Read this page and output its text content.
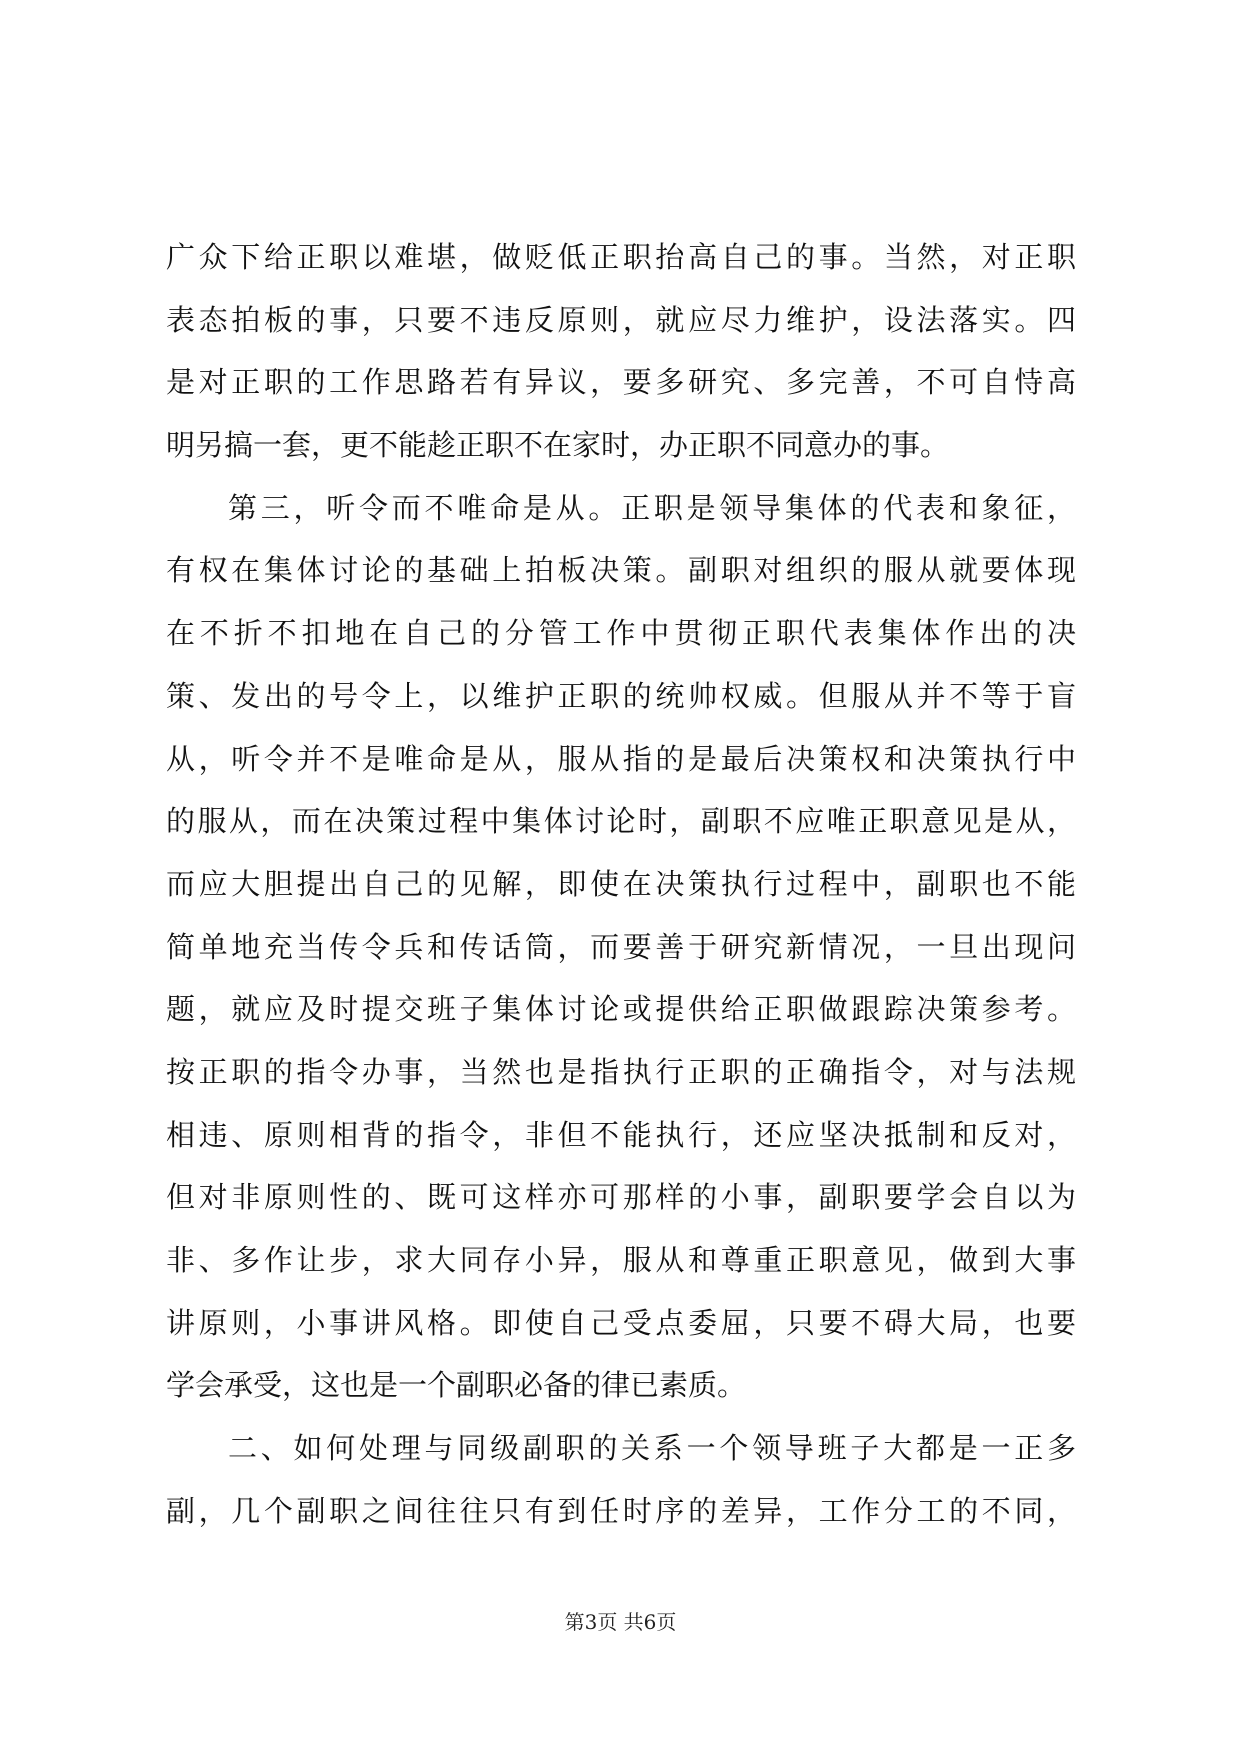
广众下给正职以难堪，做贬低正职抬高自己的事。当然，对正职
表态拍板的事，只要不违反原则，就应尽力维护，设法落实。四
是对正职的工作思路若有异议，要多研究、多完善，不可自恃高
明另搞一套，更不能趁正职不在家时，办正职不同意办的事。
第三，听令而不唯命是从。正职是领导集体的代表和象征，
有权在集体讨论的基础上拍板决策。副职对组织的服从就要体现
在不折不扣地在自己的分管工作中贯彻正职代表集体作出的决
策、发出的号令上，以维护正职的统帅权威。但服从并不等于盲
从，听令并不是唯命是从，服从指的是最后决策权和决策执行中
的服从，而在决策过程中集体讨论时，副职不应唯正职意见是从，
而应大胆提出自己的见解，即使在决策执行过程中，副职也不能
简单地充当传令兵和传话筒，而要善于研究新情况，一旦出现问
题，就应及时提交班子集体讨论或提供给正职做跟踪决策参考。
按正职的指令办事，当然也是指执行正职的正确指令，对与法规
相违、原则相背的指令，非但不能执行，还应坚决抵制和反对，
但对非原则性的、既可这样亦可那样的小事，副职要学会自以为
非、多作让步，求大同存小异，服从和尊重正职意见，做到大事
讲原则，小事讲风格。即使自己受点委屈，只要不碍大局，也要
学会承受，这也是一个副职必备的律已素质。
二、如何处理与同级副职的关系一个领导班子大都是一正多
副，几个副职之间往往只有到任时序的差异，工作分工的不同，
第3页 共6页
